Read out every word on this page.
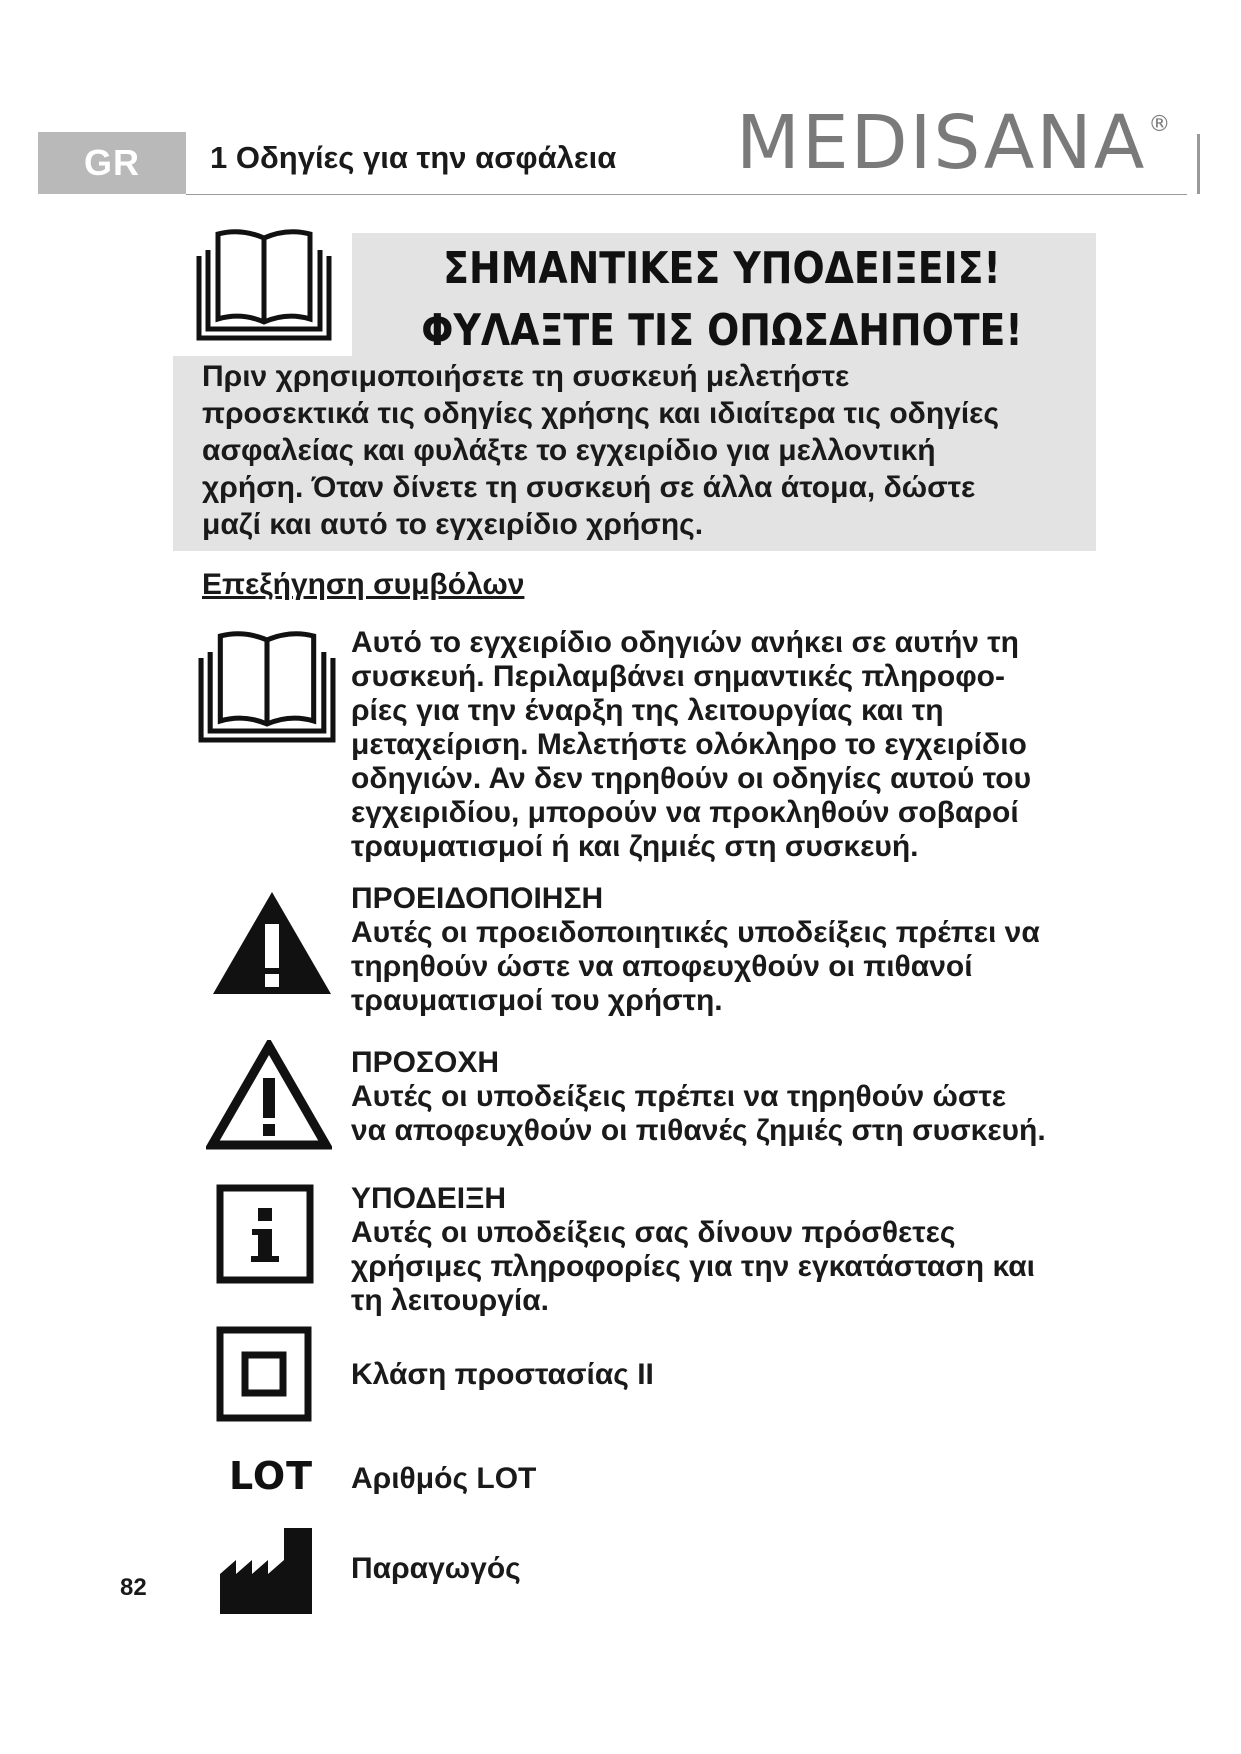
GR	1 Οδηγίες για την ασφάλεια MEDISANA®
ΣΗΜΑΝΤΙΚΕΣ ΥΠΟΔΕΙΞΕΙΣ!
ΦΥΛΑΞΤΕ ΤΙΣ ΟΠΩΣΔΗΠΟΤΕ!
Πριν χρησιμοποιήσετε τη συσκευή μελετήστε
προσεκτικά τις οδηγίες χρήσης και ιδιαίτερα τις οδηγίες
ασφαλείας και φυλάξτε το εγχειρίδιο για μελλοντική
χρήση. Όταν δίνετε τη συσκευή σε άλλα άτομα, δώστε
μαζί και αυτό το εγχειρίδιο χρήσης.
Επεξήγηση συμβόλων
Αυτό το εγχειρίδιο οδηγιών ανήκει σε αυτήν τη
συσκευή. Περιλαμβάνει σημαντικές πληροφο-
ρίες για την έναρξη της λειτουργίας και τη
μεταχείριση. Μελετήστε ολόκληρο το εγχειρίδιο
οδηγιών. Αν δεν τηρηθούν οι οδηγίες αυτού του
εγχειριδίου, μπορούν να προκληθούν σοβαροί
τραυματισμοί ή και ζημιές στη συσκευή.
ΠΡΟΕΙΔΟΠΟΙΗΣΗ
Αυτές οι προειδοποιητικές υποδείξεις πρέπει να
τηρηθούν ώστε να αποφευχθούν οι πιθανοί
τραυματισμοί του χρήστη.
ΠΡΟΣΟΧΗ
Αυτές οι υποδείξεις πρέπει να τηρηθούν ώστε
να αποφευχθούν οι πιθανές ζημιές στη συσκευή.
ΥΠΟΔΕΙΞΗ
Αυτές οι υποδείξεις σας δίνουν πρόσθετες
χρήσιμες πληροφορίες για την εγκατάσταση και
τη λειτουργία.
Κλάση προστασίας II
LOT Αριθμός LOT
Παραγωγός
82
